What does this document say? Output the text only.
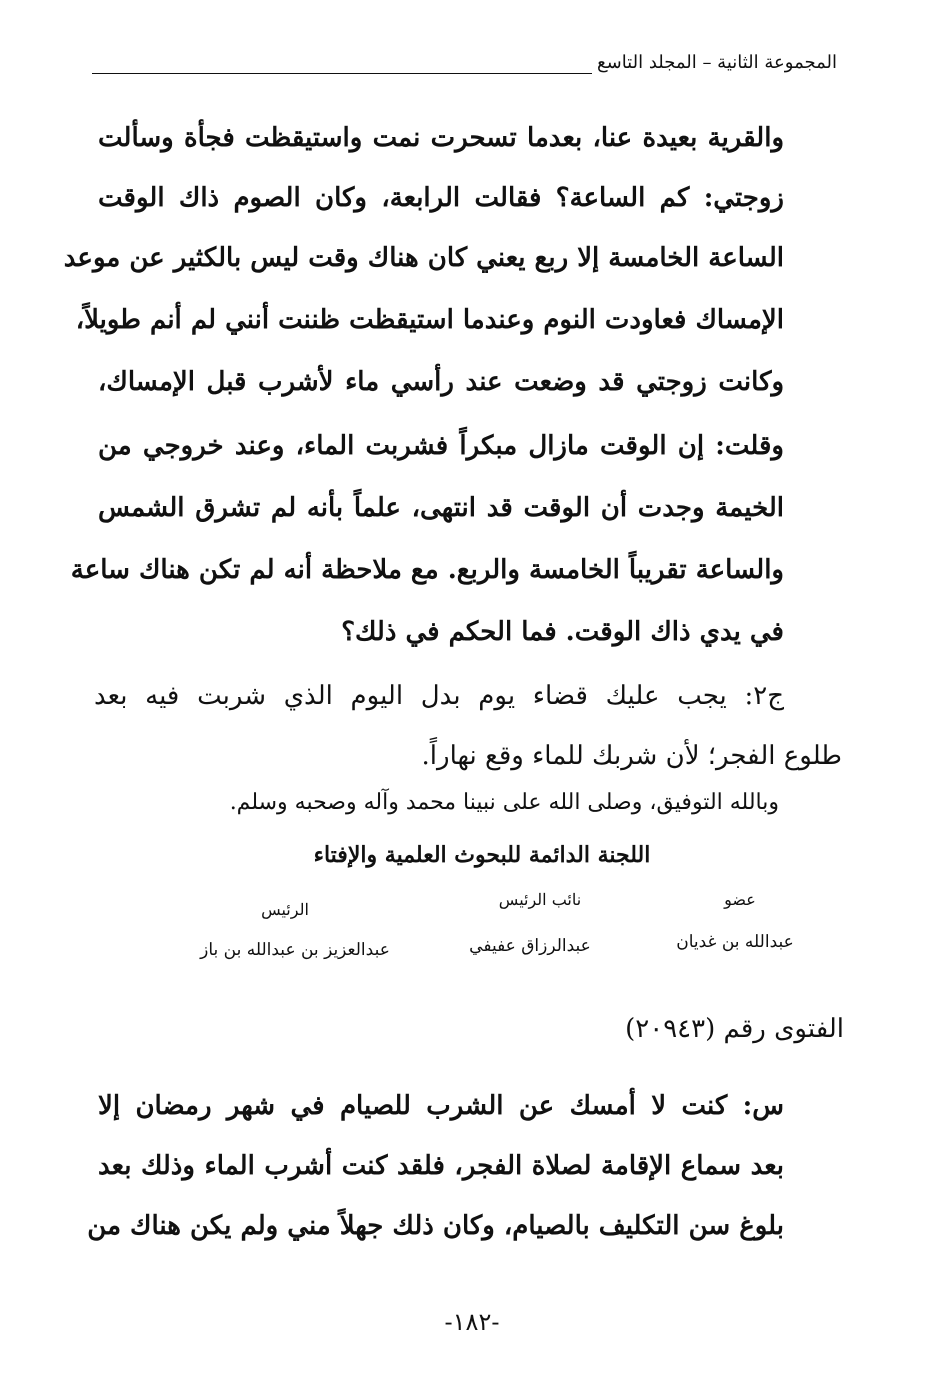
المجموعة الثانية – المجلد التاسع
والقرية بعيدة عنا، بعدما تسحرت نمت واستيقظت فجأة وسألت
زوجتي: كم الساعة؟ فقالت الرابعة، وكان الصوم ذاك الوقت
الساعة الخامسة إلا ربع يعني كان هناك وقت ليس بالكثير عن موعد
الإمساك فعاودت النوم وعندما استيقظت ظننت أنني لم أنم طويلاً،
وكانت زوجتي قد وضعت عند رأسي ماء لأشرب قبل الإمساك،
وقلت: إن الوقت مازال مبكراً فشربت الماء، وعند خروجي من
الخيمة وجدت أن الوقت قد انتهى، علماً بأنه لم تشرق الشمس
والساعة تقريباً الخامسة والربع. مع ملاحظة أنه لم تكن هناك ساعة
في يدي ذاك الوقت. فما الحكم في ذلك؟
ج٢: يجب عليك قضاء يوم بدل اليوم الذي شربت فيه بعد
طلوع الفجر؛ لأن شربك للماء وقع نهاراً.
وبالله التوفيق، وصلى الله على نبينا محمد وآله وصحبه وسلم.
اللجنة الدائمة للبحوث العلمية والإفتاء
عضو
نائب الرئيس
الرئيس
عبدالله بن غديان
عبدالرزاق عفيفي
عبدالعزيز بن عبدالله بن باز
الفتوى رقم (٢٠٩٤٣)
س: كنت لا أمسك عن الشرب للصيام في شهر رمضان إلا
بعد سماع الإقامة لصلاة الفجر، فلقد كنت أشرب الماء وذلك بعد
بلوغ سن التكليف بالصيام، وكان ذلك جهلاً مني ولم يكن هناك من
-١٨٢-
